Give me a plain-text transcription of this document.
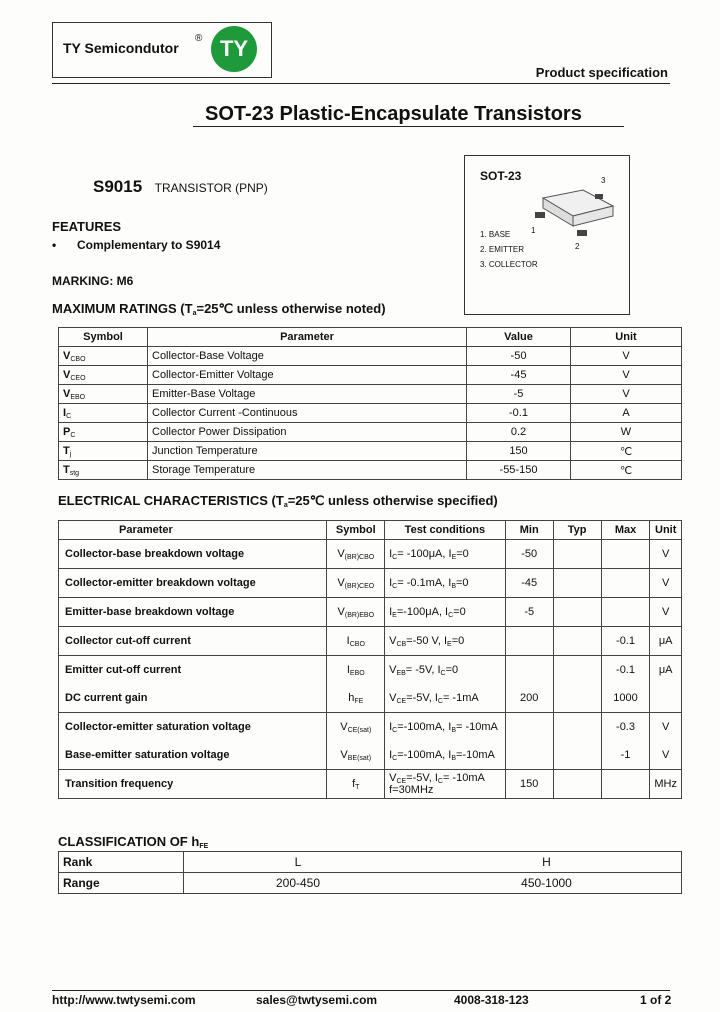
TY Semicondutor
® TY
Product specification
SOT-23 Plastic-Encapsulate Transistors
S9015 TRANSISTOR (PNP)
SOT-23	3
1
2
1. BASE
2. EMITTER
3. COLLECTOR
FEATURES
• Complementary to S9014
MARKING: M6
MAXIMUM RATINGS ($T_a=25℃$ unless otherwise noted)
Symbol	Parameter	Value	Unit
$V_{CBO}$	Collector-Base Voltage	-50	V
$V_{CEO}$	Collector-Emitter Voltage	-45	V
$V_{EBO}$	Emitter-Base Voltage	-5	V
$I_C$	Collector Current -Continuous	-0.1	A
$P_C$	Collector Power Dissipation	0.2	W
$T_j$	Junction Temperature	150	℃
$T_{stg}$	Storage Temperature	-55-150	℃
ELECTRICAL CHARACTERISTICS ($T_a=25℃$ unless otherwise specified)
Parameter	Symbol	Test conditions	Min	Typ	Max	Unit
Collector-base breakdown voltage	$V_{(BR)CBO}$	$I_C= -100\mu A$, $I_E=0$	-50			V
Collector-emitter breakdown voltage	$V_{(BR)CEO}$	$I_C= -0.1mA$, $I_B=0$	-45			V
Emitter-base breakdown voltage	$V_{(BR)EBO}$	$I_E=-100\mu A$, $I_C=0$	-5			V
Collector cut-off current	$I_{CBO}$	$V_{CB}=-50$ V, $I_E=0$			-0.1	μA
Emitter cut-off current	$I_{EBO}$	$V_{EB}= -5V$, $I_C=0$			-0.1	μA
DC current gain	$h_{FE}$	$V_{CE}=-5V$, $I_C= -1mA$	200		1000	
Collector-emitter saturation voltage	$V_{CE(sat)}$	$I_C=-100mA$, $I_B= -10mA$			-0.3	V
Base-emitter saturation voltage	$V_{BE(sat)}$	$I_C=-100mA$, $I_B=-10mA$			-1	V
Transition frequency	$f_T$	$V_{CE}=-5V$, $I_C= -10mA$
f=30MHz	150			MHz
CLASSIFICATION OF $h_{FE}$
Rank	L	H
Range	200-450	450-1000
http://www.twtysemi.com	sales@twtysemi.com	4008-318-123	1 of 2
